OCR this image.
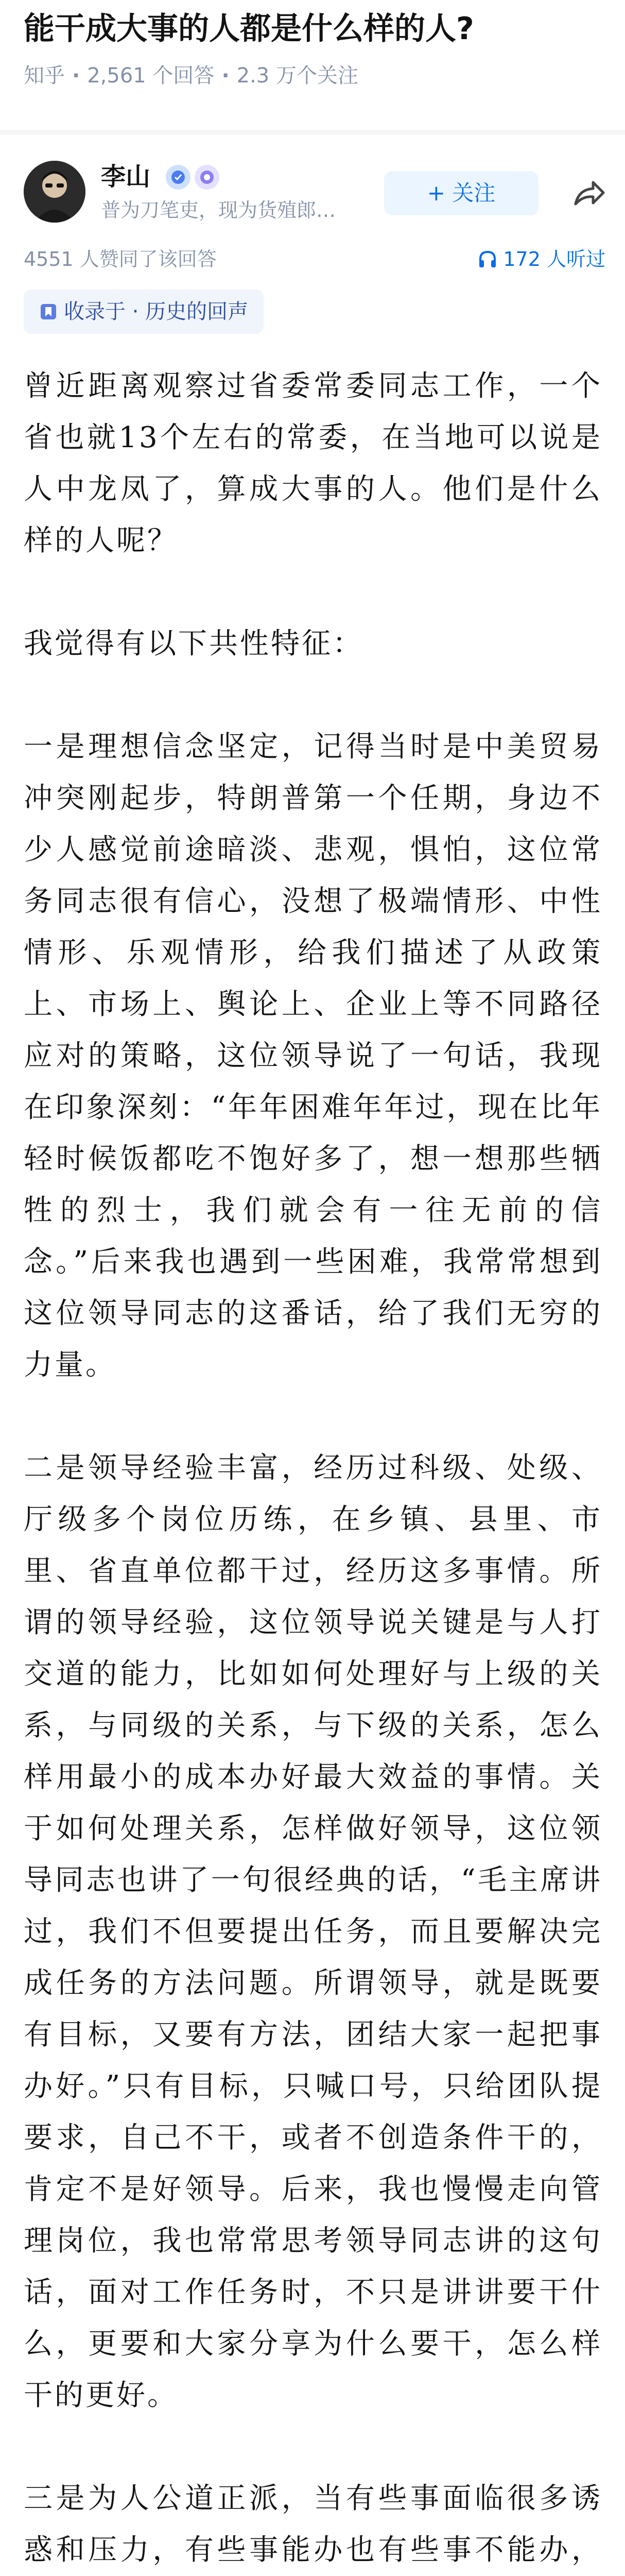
能干成大事的人都是什么样的人?
知乎 · 2,561 个回答 · 2.3 万个关注
李山
普为刀笔吏，现为货殖郎…
+ 关注
4551 人赞同了该回答	172 人听过
收录于 · 历史的回声

曾近距离观察过省委常委同志工作，一个省也就13个左右的常委，在当地可以说是人中龙凤了，算成大事的人。他们是什么样的人呢？

我觉得有以下共性特征：

一是理想信念坚定，记得当时是中美贸易冲突刚起步，特朗普第一个任期，身边不少人感觉前途暗淡、悲观，惧怕，这位常务同志很有信心，没想了极端情形、中性情形、乐观情形，给我们描述了从政策上、市场上、舆论上、企业上等不同路径应对的策略，这位领导说了一句话，我现在印象深刻：“年年困难年年过，现在比年轻时候饭都吃不饱好多了，想一想那些牺牲的烈士，我们就会有一往无前的信念。”后来我也遇到一些困难，我常常想到这位领导同志的这番话，给了我们无穷的力量。

二是领导经验丰富，经历过科级、处级、厅级多个岗位历练，在乡镇、县里、市里、省直单位都干过，经历这多事情。所谓的领导经验，这位领导说关键是与人打交道的能力，比如如何处理好与上级的关系，与同级的关系，与下级的关系，怎么样用最小的成本办好最大效益的事情。关于如何处理关系，怎样做好领导，这位领导同志也讲了一句很经典的话，“毛主席讲过，我们不但要提出任务，而且要解决完成任务的方法问题。所谓领导，就是既要有目标，又要有方法，团结大家一起把事办好。”只有目标，只喊口号，只给团队提要求，自己不干，或者不创造条件干的，肯定不是好领导。后来，我也慢慢走向管理岗位，我也常常思考领导同志讲的这句话，面对工作任务时，不只是讲讲要干什么，更要和大家分享为什么要干，怎么样干的更好。

三是为人公道正派，当有些事面临很多诱惑和压力，有些事能办也有些事不能办，
